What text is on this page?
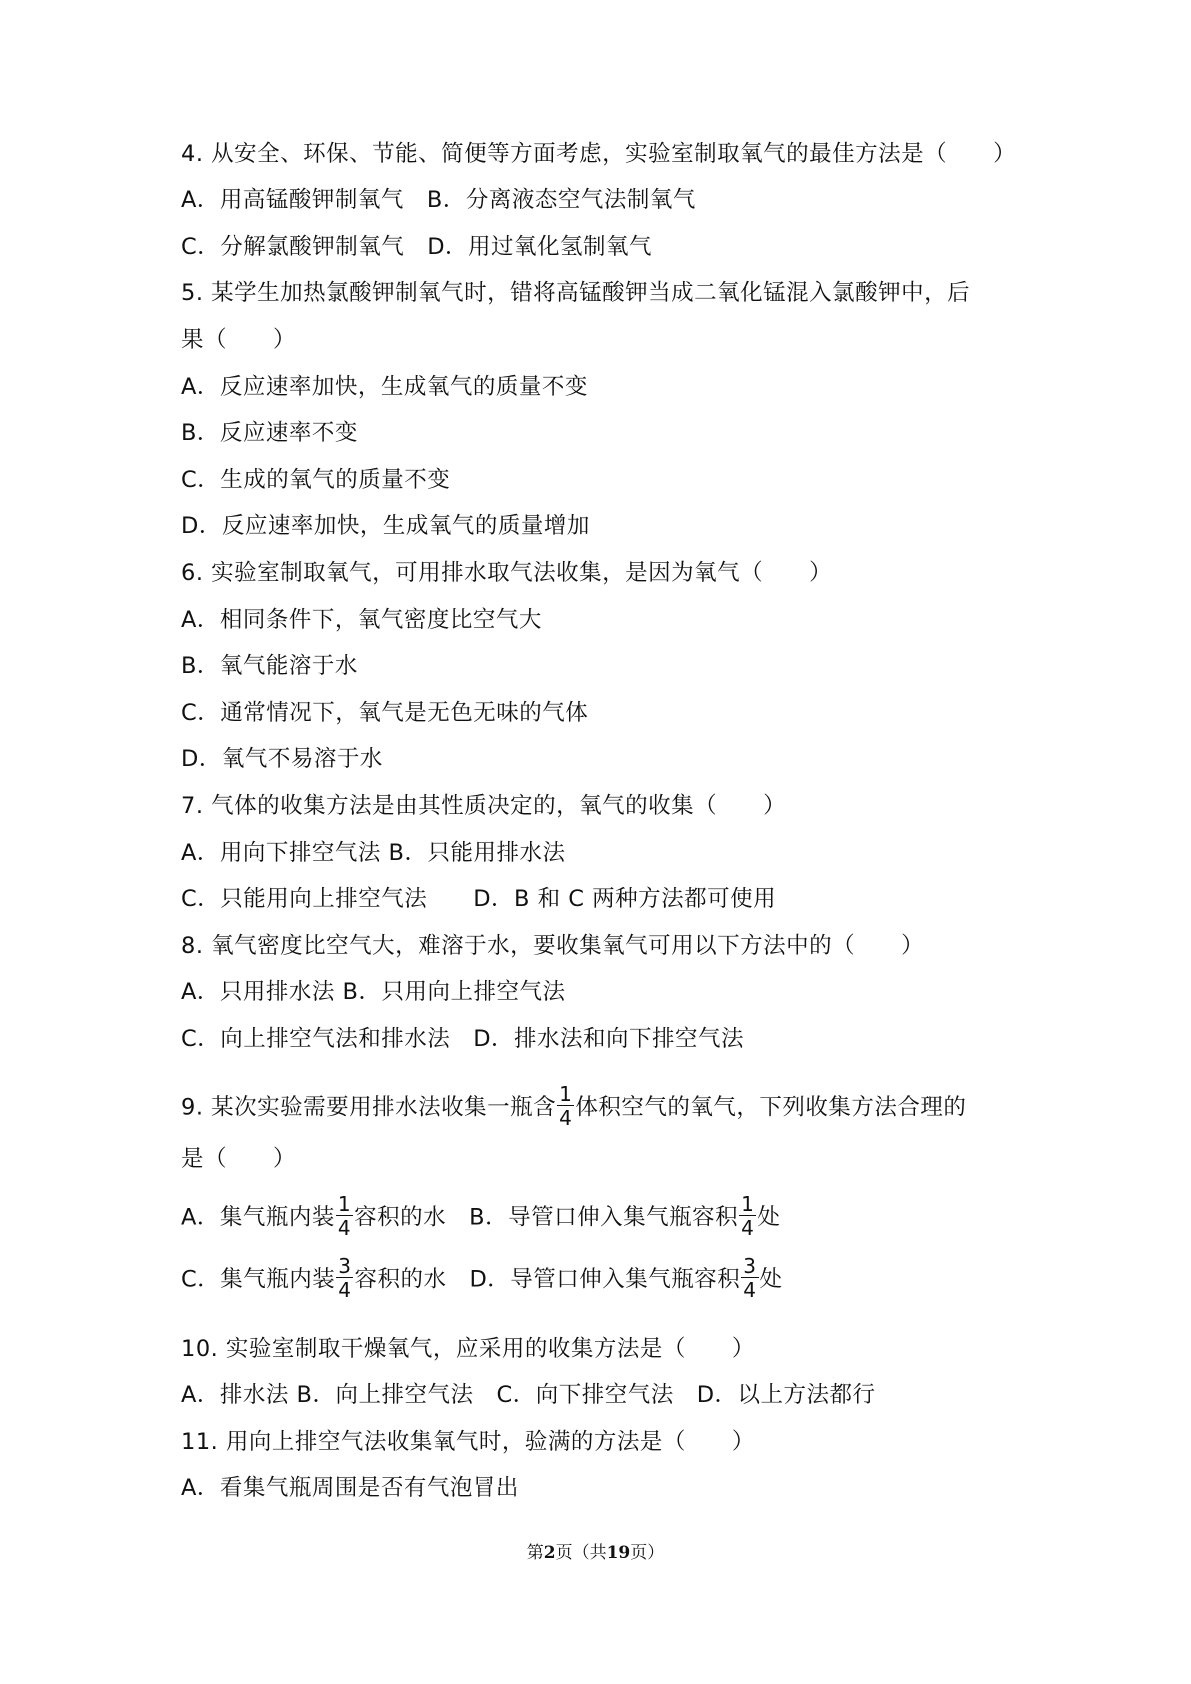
4. 从安全、环保、节能、简便等方面考虑，实验室制取氧气的最佳方法是（　　）
A．用高锰酸钾制氧气　B．分离液态空气法制氧气
C．分解氯酸钾制氧气　D．用过氧化氢制氧气
5. 某学生加热氯酸钾制氧气时，错将高锰酸钾当成二氧化锰混入氯酸钾中，后
果（　　）
A．反应速率加快，生成氧气的质量不变
B．反应速率不变
C．生成的氧气的质量不变
D．反应速率加快，生成氧气的质量增加
6. 实验室制取氧气，可用排水取气法收集，是因为氧气（　　）
A．相同条件下，氧气密度比空气大
B．氧气能溶于水
C．通常情况下，氧气是无色无味的气体
D．氧气不易溶于水
7. 气体的收集方法是由其性质决定的，氧气的收集（　　）
A．用向下排空气法 B．只能用排水法
C．只能用向上排空气法　　D．B 和 C 两种方法都可使用
8. 氧气密度比空气大，难溶于水，要收集氧气可用以下方法中的（　　）
A．只用排水法 B．只用向上排空气法
C．向上排空气法和排水法　D．排水法和向下排空气法
9. 某次实验需要用排水法收集一瓶含 $\frac{1}{4}$ 体积空气的氧气，下列收集方法合理的
是（　　）
A．集气瓶内装 $\frac{1}{4}$ 容积的水　B．导管口伸入集气瓶容积 $\frac{1}{4}$ 处
C．集气瓶内装 $\frac{3}{4}$ 容积的水　D．导管口伸入集气瓶容积 $\frac{3}{4}$ 处
10. 实验室制取干燥氧气，应采用的收集方法是（　　）
A．排水法 B．向上排空气法　C．向下排空气法　D．以上方法都行
11. 用向上排空气法收集氧气时，验满的方法是（　　）
A．看集气瓶周围是否有气泡冒出
第2页（共19页）
